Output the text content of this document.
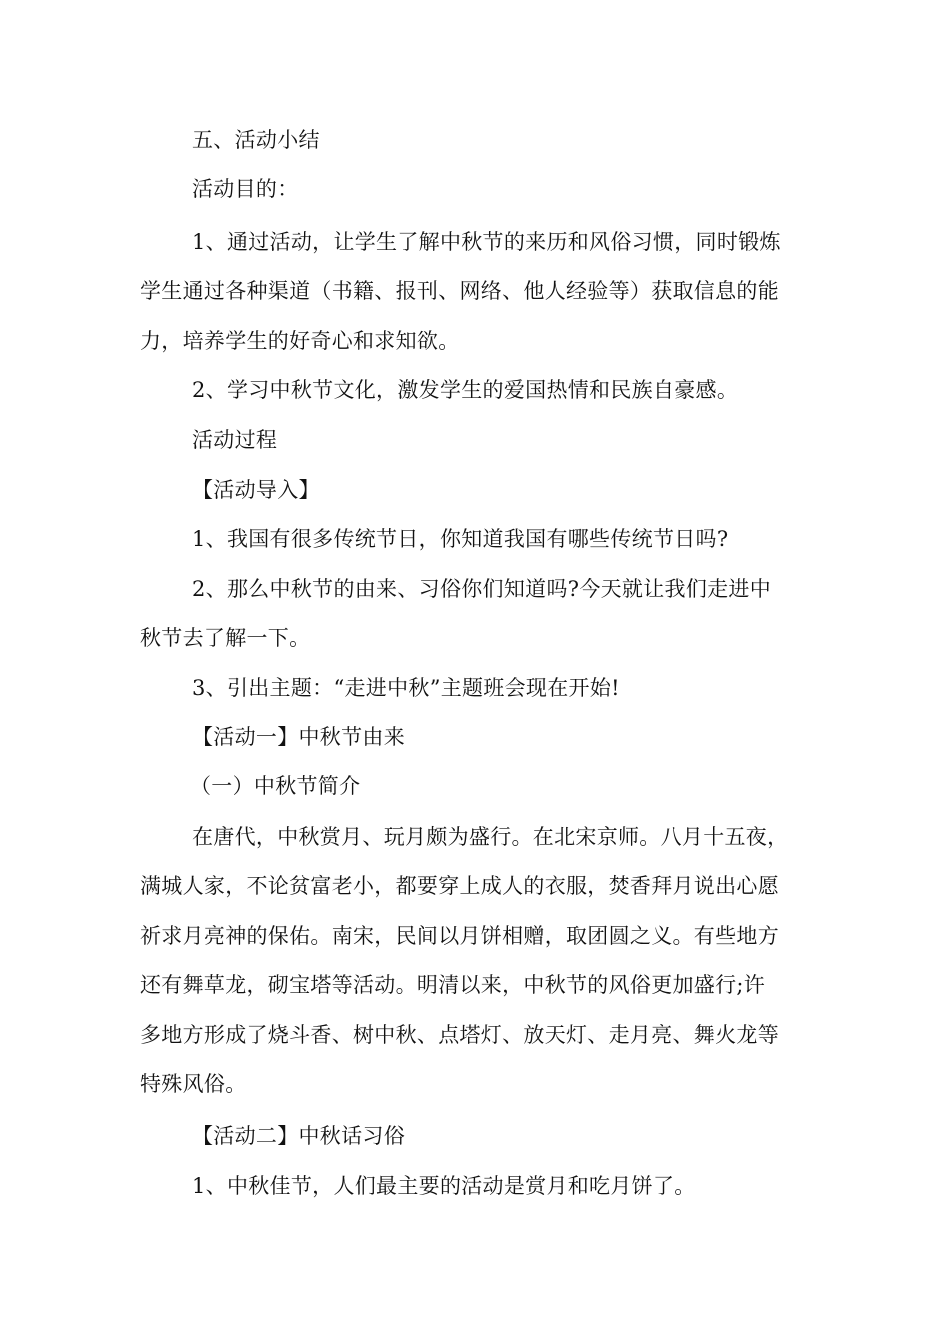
五、活动小结
活动目的：
1、通过活动，让学生了解中秋节的来历和风俗习惯，同时锻炼
学生通过各种渠道（书籍、报刊、网络、他人经验等）获取信息的能
力，培养学生的好奇心和求知欲。
2、学习中秋节文化，激发学生的爱国热情和民族自豪感。
活动过程
【活动导入】
1、我国有很多传统节日，你知道我国有哪些传统节日吗?
2、那么中秋节的由来、习俗你们知道吗?今天就让我们走进中
秋节去了解一下。
3、引出主题：“走进中秋”主题班会现在开始!
【活动一】中秋节由来
（一）中秋节简介
在唐代，中秋赏月、玩月颇为盛行。在北宋京师。八月十五夜，
满城人家，不论贫富老小，都要穿上成人的衣服，焚香拜月说出心愿
祈求月亮神的保佑。南宋，民间以月饼相赠，取团圆之义。有些地方
还有舞草龙，砌宝塔等活动。明清以来，中秋节的风俗更加盛行;许
多地方形成了烧斗香、树中秋、点塔灯、放天灯、走月亮、舞火龙等
特殊风俗。
【活动二】中秋话习俗
1、中秋佳节，人们最主要的活动是赏月和吃月饼了。
